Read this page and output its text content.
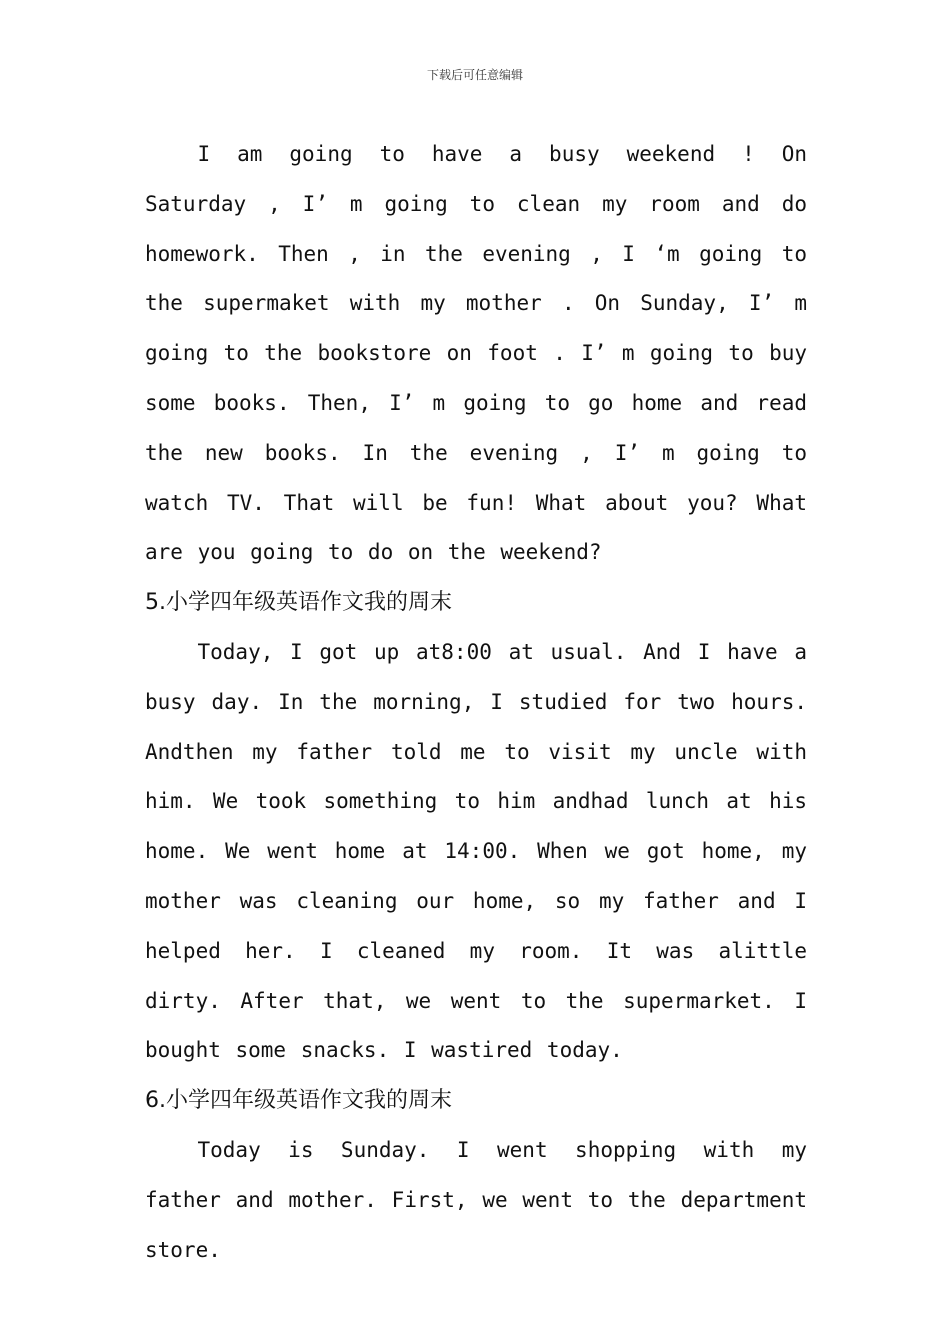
下载后可任意编辑

I am going to have a busy weekend ! On Saturday , I’ m going to clean my room and do homework. Then , in the evening , I ‘m going to the supermaket with my mother . On Sunday, I’ m going to the bookstore on foot . I’ m going to buy some books. Then, I’ m going to go home and read the new books. In the evening , I’ m going to watch TV. That will be fun! What about you? What are you going to do on the weekend?

5.小学四年级英语作文我的周末

Today, I got up at8:00 at usual. And I have a busy day. In the morning, I studied for two hours. Andthen my father told me to visit my uncle with him. We took something to him andhad lunch at his home. We went home at 14:00. When we got home, my mother was cleaning our home, so my father and I helped her. I cleaned my room. It was alittle dirty. After that, we went to the supermarket. I bought some snacks. I wastired today.

6.小学四年级英语作文我的周末

Today is Sunday. I went shopping with my father and mother. First, we went to the department store.
